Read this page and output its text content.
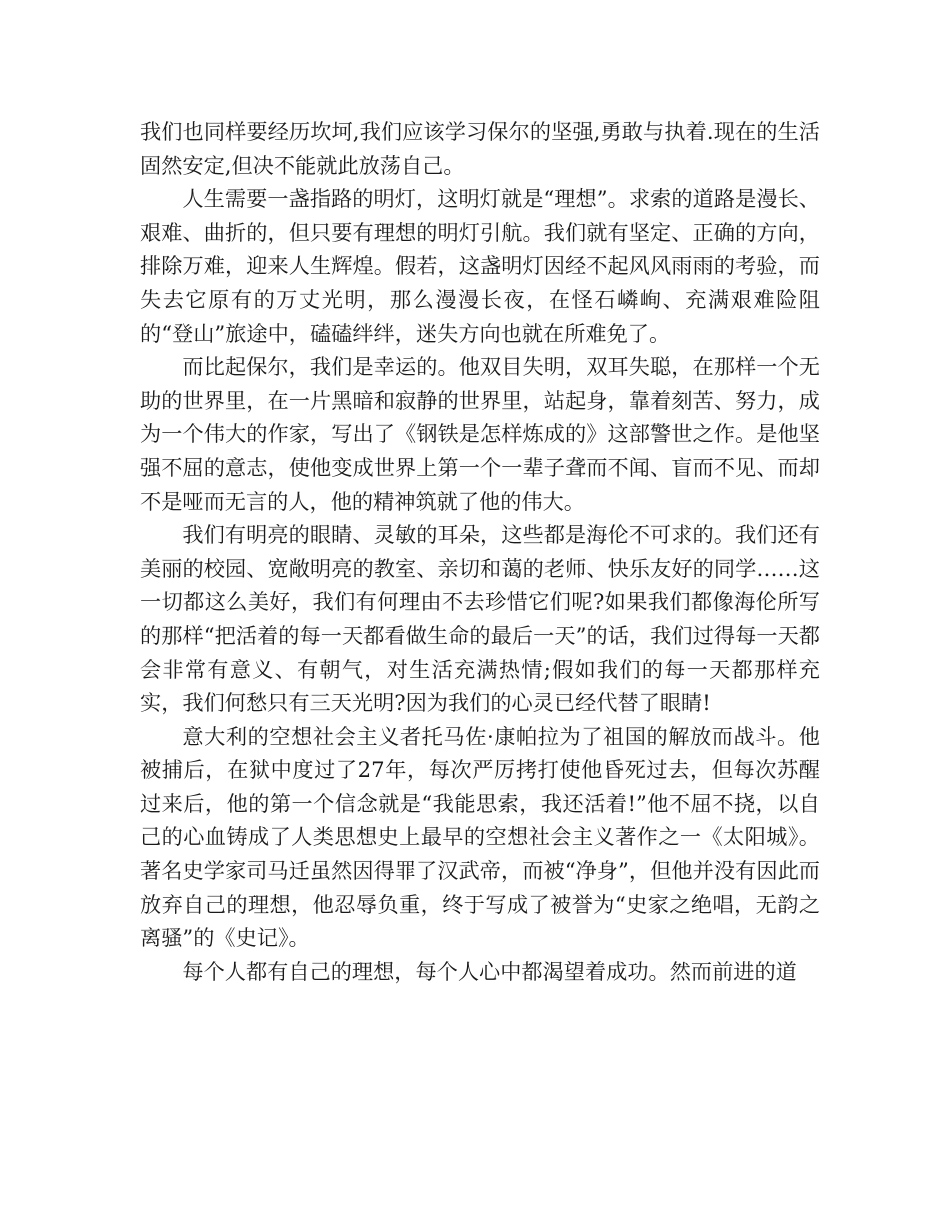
我们也同样要经历坎坷,我们应该学习保尔的坚强,勇敢与执着.现在的生活固然安定,但决不能就此放荡自己。

人生需要一盏指路的明灯，这明灯就是“理想”。求索的道路是漫长、艰难、曲折的，但只要有理想的明灯引航。我们就有坚定、正确的方向，排除万难，迎来人生辉煌。假若，这盏明灯因经不起风风雨雨的考验，而失去它原有的万丈光明，那么漫漫长夜，在怪石嶙峋、充满艰难险阻的“登山”旅途中，磕磕绊绊，迷失方向也就在所难免了。

而比起保尔，我们是幸运的。他双目失明，双耳失聪，在那样一个无助的世界里，在一片黑暗和寂静的世界里，站起身，靠着刻苦、努力，成为一个伟大的作家，写出了《钢铁是怎样炼成的》这部警世之作。是他坚强不屈的意志，使他变成世界上第一个一辈子聋而不闻、盲而不见、而却不是哑而无言的人，他的精神筑就了他的伟大。

我们有明亮的眼睛、灵敏的耳朵，这些都是海伦不可求的。我们还有美丽的校园、宽敞明亮的教室、亲切和蔼的老师、快乐友好的同学……这一切都这么美好，我们有何理由不去珍惜它们呢?如果我们都像海伦所写的那样“把活着的每一天都看做生命的最后一天”的话，我们过得每一天都会非常有意义、有朝气，对生活充满热情;假如我们的每一天都那样充实，我们何愁只有三天光明?因为我们的心灵已经代替了眼睛!

意大利的空想社会主义者托马佐·康帕拉为了祖国的解放而战斗。他被捕后，在狱中度过了27年，每次严厉拷打使他昏死过去，但每次苏醒过来后，他的第一个信念就是“我能思索，我还活着!”他不屈不挠，以自己的心血铸成了人类思想史上最早的空想社会主义著作之一《太阳城》。著名史学家司马迁虽然因得罪了汉武帝，而被“净身”，但他并没有因此而放弃自己的理想，他忍辱负重，终于写成了被誉为“史家之绝唱，无韵之离骚”的《史记》。

每个人都有自己的理想，每个人心中都渴望着成功。然而前进的道
